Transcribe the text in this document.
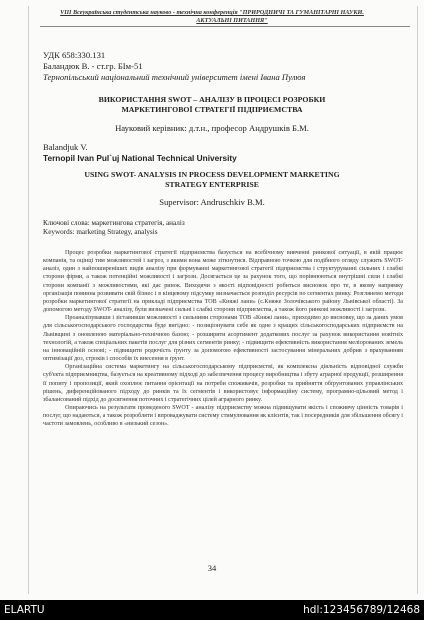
VIII Всеукраїнська студентська науково - технічна конференція "ПРИРОДНИЧІ ТА ГУМАНІТАРНІ НАУКИ.
АКТУАЛЬНІ ПИТАННЯ"
УДК 658:330.131
Баландюк В. - ст.гр. БІм-51
Тернопільський національний технічний університет імені Івана Пулюя
ВИКОРИСТАННЯ SWOT – АНАЛІЗУ В ПРОЦЕСІ РОЗРОБКИ
МАРКЕТИНГОВОЇ СТРАТЕГІЇ ПІДПРИЄМСТВА
Науковий керівник: д.т.н., професор Андрушків Б.М.
Balandjuk V.
Ternopil Ivan Pul`uj National Technical University
USING SWOT- ANALYSIS IN PROCESS DEVELOPMENT MARKETING
STRATEGY ENTERPRISE
Supervisor: Andruschkiv B.M.
Ключові слова: маркетингова стратегія, аналіз
Keywords: marketing Strategy, analysis

Процес розробки маркетингової стратегії підприємства базується на всебічному вивченні ринкової ситуації, в якій працює компанія, та оцінці тим можливостей і загроз, з якими вона може зіткнутися. Відправною точкою для подібного огляду служить SWOT-аналіз, один з найпоширеніших видів аналізу при формуванні маркетингової стратегії підприємства і структуруванні сильних і слабкі сторони фірми, а також потенційні можливості і загрози. Досягається це за рахунок того, що порівнюються внутрішні сили і слабкі сторони компанії з можливостями, які дає ринок. Виходячи з якості відповідності робиться висновок про те, в якому напрямку організація повинна розвивати свій бізнес і в кінцевому підсумку визначається розподіл ресурсів по сегментах ринку. Розглянемо методи розробки маркетингової стратегії на прикладі підприємства ТОВ «Княжі лани» (с.Княже Золочівського району Львівської області). За допомогою методу SWOT- аналізу, були визначені сильні і слабкі сторони підприємства, а також його ринкові можливості і загрози.

Проаналізувавши і зіставивши можливості з сильними сторонами ТОВ «Княжі лани», приходимо до висновку, що за даних умов для сільськогосподарського господарства буде вигідно: - позиціонувати себе як одне з кращих сільськогосподарських підприємств на Львівщині з оновленою матеріально-технічною базою; - розширити асортимент додаткових послуг за рахунок використання новітніх технологій, а також спеціальних пакетів послуг для різних сегментів ринку; - підвищити ефективність використання меліорованих земель на інноваційній основі; - підвищити родючість ґрунту за допомогою ефективності застосування мінеральних добрив з врахуванням оптимізації доз, строків і способів їх внесення в ґрунт.

Організаційна система маркетингу на сільськогосподарському підприємстві, як комплексна діяльність відповідної служби суб'єкта підприємництва, базується на креативному підході до забезпечення процесу виробництва і збуту аграрної продукції, розширення її попиту і пропозиції, який охоплює питання орієнтації на потреби споживачів, розробки та прийняття обґрунтованих управлінських рішень, диференційованого підходу до ринків та їх сегментів і використовує інформаційну систему, програмно-цільовий метод і збалансований підхід до досягнення поточних і стратегічних цілей аграрного ринку.

Опираючись на результати проведеного SWOT - аналізу підприємству можна підвищувати якість і споживчу цінність товарів і послуг, що надаються, а також розробляти і впроваджувати систему стимулювання як клієнтів, так і посередників для збільшення обсягу і частоти замовлень, особливо в «низький сезон».

34
ELARTU	hdl:123456789/12468
